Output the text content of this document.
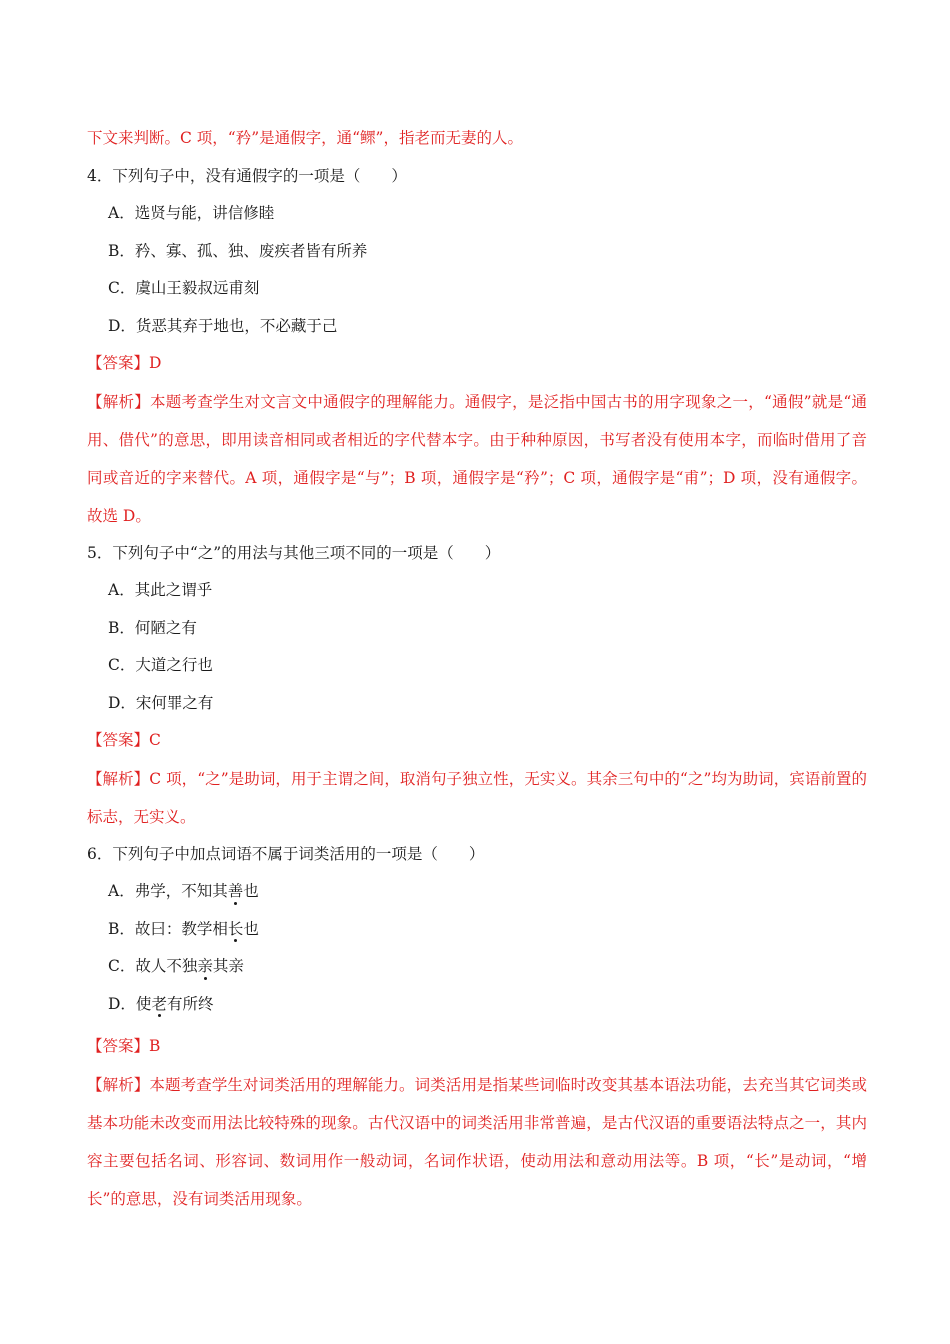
下文来判断。C 项，“矜”是通假字，通“鳏”，指老而无妻的人。
4．下列句子中，没有通假字的一项是（　　）
A．选贤与能，讲信修睦
B．矜、寡、孤、独、废疾者皆有所养
C．虞山王毅叔远甫刻
D．货恶其弃于地也，不必藏于己
【答案】D
【解析】本题考查学生对文言文中通假字的理解能力。通假字，是泛指中国古书的用字现象之一，“通假”就是“通用、借代”的意思，即用读音相同或者相近的字代替本字。由于种种原因，书写者没有使用本字，而临时借用了音同或音近的字来替代。A 项，通假字是“与”；B 项，通假字是“矜”；C 项，通假字是“甫”；D 项，没有通假字。故选 D。
5．下列句子中“之”的用法与其他三项不同的一项是（　　）
A．其此之谓乎
B．何陋之有
C．大道之行也
D．宋何罪之有
【答案】C
【解析】C 项，“之”是助词，用于主谓之间，取消句子独立性，无实义。其余三句中的“之”均为助词，宾语前置的标志，无实义。
6．下列句子中加点词语不属于词类活用的一项是（　　）
A．弗学，不知其善也
B．故曰：教学相长也
C．故人不独亲其亲
D．使老有所终
【答案】B
【解析】本题考查学生对词类活用的理解能力。词类活用是指某些词临时改变其基本语法功能，去充当其它词类或基本功能未改变而用法比较特殊的现象。古代汉语中的词类活用非常普遍，是古代汉语的重要语法特点之一，其内容主要包括名词、形容词、数词用作一般动词，名词作状语，使动用法和意动用法等。B 项，“长”是动词，“增长”的意思，没有词类活用现象。
